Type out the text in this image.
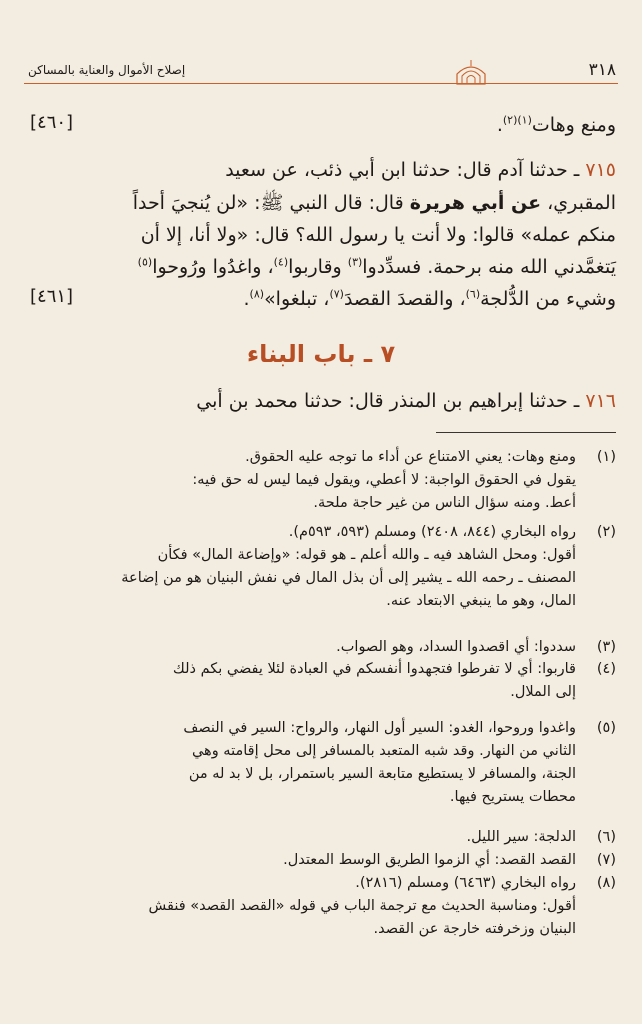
٣١٨
إصلاح الأموال والعناية بالمساكن
ومنع وهات$^{(١)(٢)}$.
[٤٦٠]
٧١٥ ـ حدثنا آدم قال: حدثنا ابن أبي ذئب، عن سعيد
المقبري، عن أبي هريرة قال: قال النبي ﷺ: «لن يُنجيَ أحداً
منكم عمله» قالوا: ولا أنت يا رسول الله؟ قال: «ولا أنا، إلا أن
يَتغمَّدني الله منه برحمة. فسدِّدوا$^{(٣)}$ وقاربوا$^{(٤)}$، واغدُوا ورُوحوا$^{(٥)}$
وشيء من الدُّلجة$^{(٦)}$، والقصدَ القصدَ$^{(٧)}$، تبلغوا»$^{(٨)}$.
[٤٦١]
٧ ـ باب البناء
٧١٦ ـ حدثنا إبراهيم بن المنذر قال: حدثنا محمد بن أبي
(١)
ومنع وهات: يعني الامتناع عن أداء ما توجه عليه الحقوق.
يقول في الحقوق الواجبة: لا أعطي، ويقول فيما ليس له حق فيه:
أعط. ومنه سؤال الناس من غير حاجة ملحة.
(٢)
رواه البخاري (٨٤٤، ٢٤٠٨) ومسلم (٥٩٣، ٥٩٣م).
أقول: ومحل الشاهد فيه ـ والله أعلم ـ هو قوله: «وإضاعة المال» فكأن
المصنف ـ رحمه الله ـ يشير إلى أن بذل المال في نفش البنيان هو من إضاعة
المال، وهو ما ينبغي الابتعاد عنه.
(٣)
سددوا: أي اقصدوا السداد، وهو الصواب.
(٤)
قاربوا: أي لا تفرطوا فتجهدوا أنفسكم في العبادة لئلا يفضي بكم ذلك
إلى الملال.
(٥)
واغدوا وروحوا، الغدو: السير أول النهار، والرواح: السير في النصف
الثاني من النهار. وقد شبه المتعبد بالمسافر إلى محل إقامته وهي
الجنة، والمسافر لا يستطيع متابعة السير باستمرار، بل لا بد له من
محطات يستريح فيها.
(٦)
الدلجة: سير الليل.
(٧)
القصد القصد: أي الزموا الطريق الوسط المعتدل.
(٨)
رواه البخاري (٦٤٦٣) ومسلم (٢٨١٦).
أقول: ومناسبة الحديث مع ترجمة الباب في قوله «القصد القصد» فنقش
البنيان وزخرفته خارجة عن القصد.
